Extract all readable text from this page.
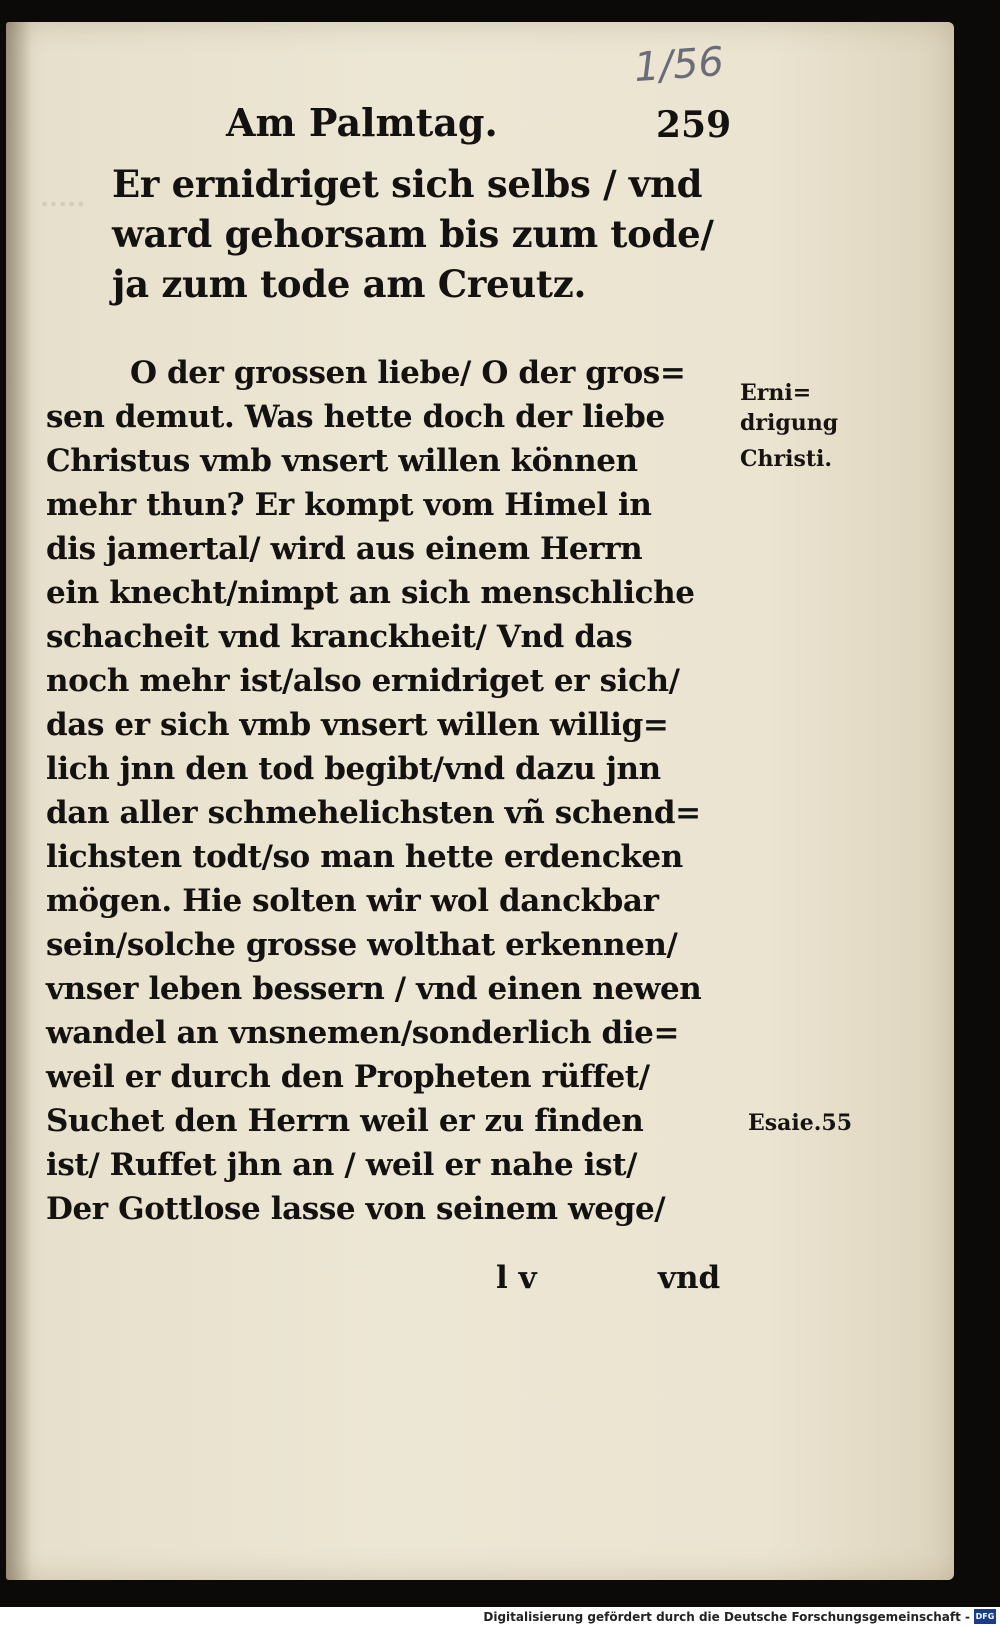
·····
1/56
Am Palmtag.	259
Er ernidriget sich selbs / vnd
ward gehorsam bis zum tode/
ja zum tode am Creutz.
O der grossen liebe/ O der gros=
sen demut. Was hette doch der liebe
Christus vmb vnsert willen können
mehr thun? Er kompt vom Himel in
dis jamertal/ wird aus einem Herrn
ein knecht/nimpt an sich menschliche
schacheit vnd kranckheit/ Vnd das
noch mehr ist/also ernidriget er sich/
das er sich vmb vnsert willen willig=
lich jnn den tod begibt/vnd dazu jnn
dan aller schmehelichsten vñ schend=
lichsten todt/so man hette erdencken
mögen. Hie solten wir wol danckbar
sein/solche grosse wolthat erkennen/
vnser leben bessern / vnd einen newen
wandel an vnsnemen/sonderlich die=
weil er durch den Propheten rüffet/
Suchet den Herrn weil er zu finden
ist/ Ruffet jhn an / weil er nahe ist/
Der Gottlose lasse von seinem wege/
Erni=
drigung
Christi.
Esaie.55
l v	vnd
Digitalisierung gefördert durch die Deutsche Forschungsgemeinschaft - DFG
